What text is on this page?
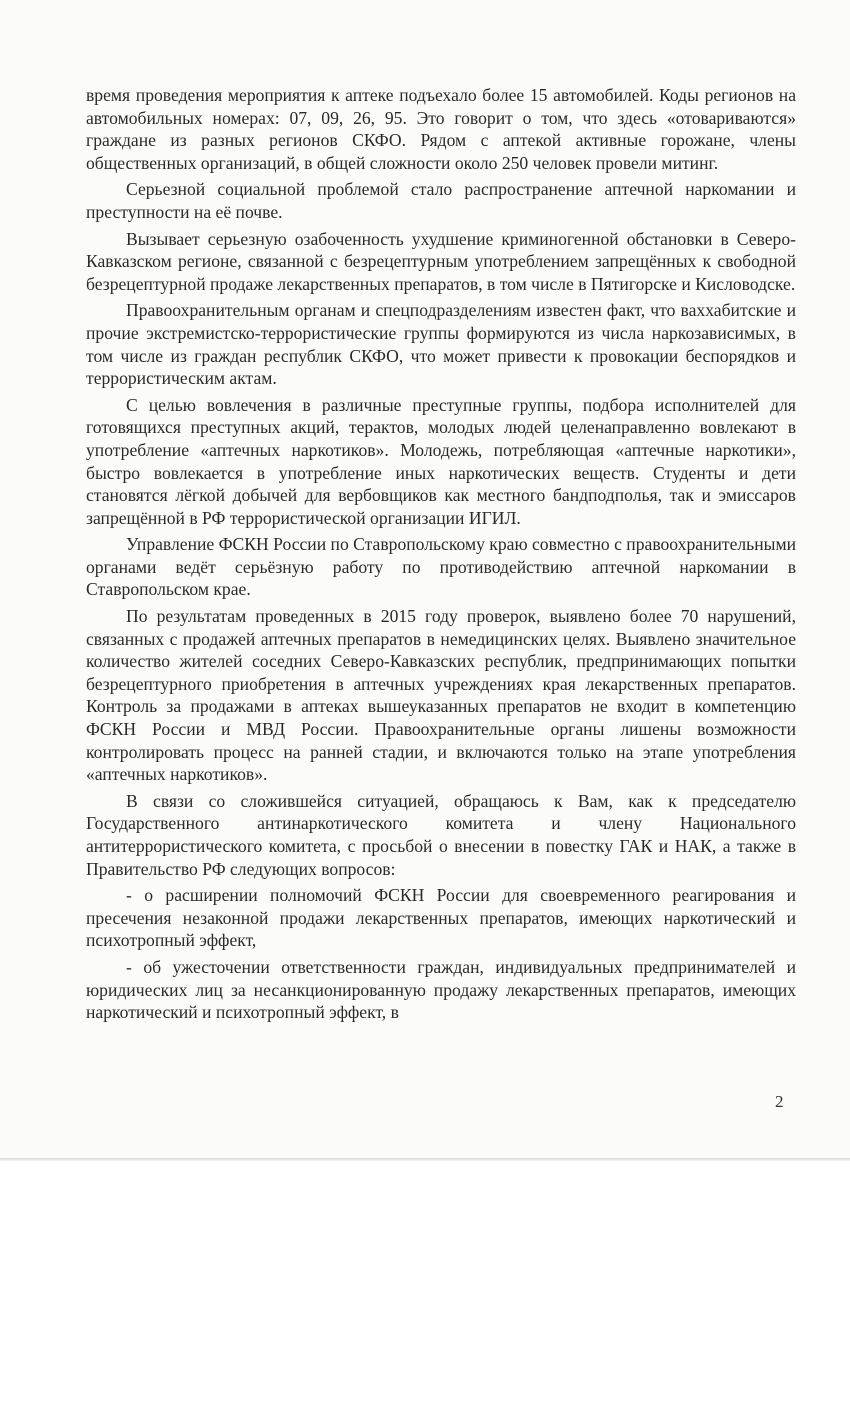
время проведения мероприятия к аптеке подъехало более 15 автомобилей. Коды регионов на автомобильных номерах: 07, 09, 26, 95. Это говорит о том, что здесь «отовариваются» граждане из разных регионов СКФО. Рядом с аптекой активные горожане, члены общественных организаций, в общей сложности около 250 человек провели митинг.

Серьезной социальной проблемой стало распространение аптечной наркомании и преступности на её почве.

Вызывает серьезную озабоченность ухудшение криминогенной обстановки в Северо-Кавказском регионе, связанной с безрецептурным употреблением запрещённых к свободной безрецептурной продаже лекарственных препаратов, в том числе в Пятигорске и Кисловодске.

Правоохранительным органам и спецподразделениям известен факт, что ваххабитские и прочие экстремистско-террористические группы формируются из числа наркозависимых, в том числе из граждан республик СКФО, что может привести к провокации беспорядков и террористическим актам.

С целью вовлечения в различные преступные группы, подбора исполнителей для готовящихся преступных акций, терактов, молодых людей целенаправленно вовлекают в употребление «аптечных наркотиков». Молодежь, потребляющая «аптечные наркотики», быстро вовлекается в употребление иных наркотических веществ. Студенты и дети становятся лёгкой добычей для вербовщиков как местного бандподполья, так и эмиссаров запрещённой в РФ террористической организации ИГИЛ.

Управление ФСКН России по Ставропольскому краю совместно с правоохранительными органами ведёт серьёзную работу по противодействию аптечной наркомании в Ставропольском крае.

По результатам проведенных в 2015 году проверок, выявлено более 70 нарушений, связанных с продажей аптечных препаратов в немедицинских целях. Выявлено значительное количество жителей соседних Северо-Кавказских республик, предпринимающих попытки безрецептурного приобретения в аптечных учреждениях края лекарственных препаратов. Контроль за продажами в аптеках вышеуказанных препаратов не входит в компетенцию ФСКН России и МВД России. Правоохранительные органы лишены возможности контролировать процесс на ранней стадии, и включаются только на этапе употребления «аптечных наркотиков».

В связи со сложившейся ситуацией, обращаюсь к Вам, как к председателю Государственного антинаркотического комитета и члену Национального антитеррористического комитета, с просьбой о внесении в повестку ГАК и НАК, а также в Правительство РФ следующих вопросов:

- о расширении полномочий ФСКН России для своевременного реагирования и пресечения незаконной продажи лекарственных препаратов, имеющих наркотический и психотропный эффект,

- об ужесточении ответственности граждан, индивидуальных предпринимателей и юридических лиц за несанкционированную продажу лекарственных препаратов, имеющих наркотический и психотропный эффект, в

2
